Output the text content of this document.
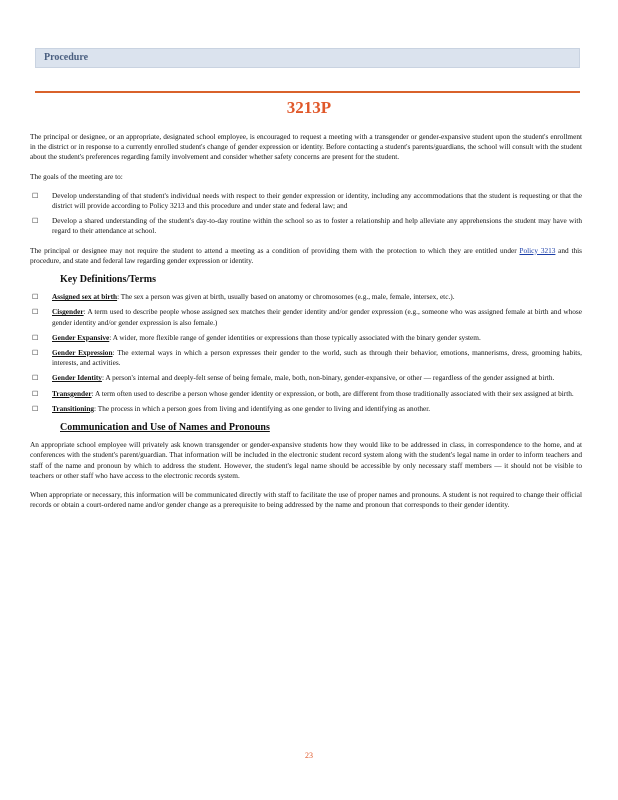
Procedure
3213P

The principal or designee, or an appropriate, designated school employee, is encouraged to request a meeting with a transgender or gender-expansive student upon the student's enrollment in the district or in response to a currently enrolled student's change of gender expression or identity. Before contacting a student's parents/guardians, the school will consult with the student about the student's preferences regarding family involvement and consider whether safety concerns are present for the student.

The goals of the meeting are to:

☐ Develop understanding of that student's individual needs with respect to their gender expression or identity, including any accommodations that the student is requesting or that the district will provide according to Policy 3213 and this procedure and under state and federal law; and
☐ Develop a shared understanding of the student's day-to-day routine within the school so as to foster a relationship and help alleviate any apprehensions the student may have with regard to their attendance at school.

The principal or designee may not require the student to attend a meeting as a condition of providing them with the protection to which they are entitled under Policy 3213 and this procedure, and state and federal law regarding gender expression or identity.

Key Definitions/Terms
☐ Assigned sex at birth: The sex a person was given at birth, usually based on anatomy or chromosomes (e.g., male, female, intersex, etc.).
☐ Cisgender: A term used to describe people whose assigned sex matches their gender identity and/or gender expression (e.g., someone who was assigned female at birth and whose gender identity and/or gender expression is also female.)
☐ Gender Expansive: A wider, more flexible range of gender identities or expressions than those typically associated with the binary gender system.
☐ Gender Expression: The external ways in which a person expresses their gender to the world, such as through their behavior, emotions, mannerisms, dress, grooming habits, interests, and activities.
☐ Gender Identity: A person's internal and deeply-felt sense of being female, male, both, non-binary, gender-expansive, or other — regardless of the gender assigned at birth.
☐ Transgender: A term often used to describe a person whose gender identity or expression, or both, are different from those traditionally associated with their sex assigned at birth.
☐ Transitioning: The process in which a person goes from living and identifying as one gender to living and identifying as another.
Communication and Use of Names and Pronouns

An appropriate school employee will privately ask known transgender or gender-expansive students how they would like to be addressed in class, in correspondence to the home, and at conferences with the student's parent/guardian. That information will be included in the electronic student record system along with the student's legal name in order to inform teachers and staff of the name and pronoun by which to address the student. However, the student's legal name should be accessible by only necessary staff members — it should not be visible to teachers or other staff who have access to the electronic records system.

When appropriate or necessary, this information will be communicated directly with staff to facilitate the use of proper names and pronouns. A student is not required to change their official records or obtain a court-ordered name and/or gender change as a prerequisite to being addressed by the name and pronoun that corresponds to their gender identity.

23
